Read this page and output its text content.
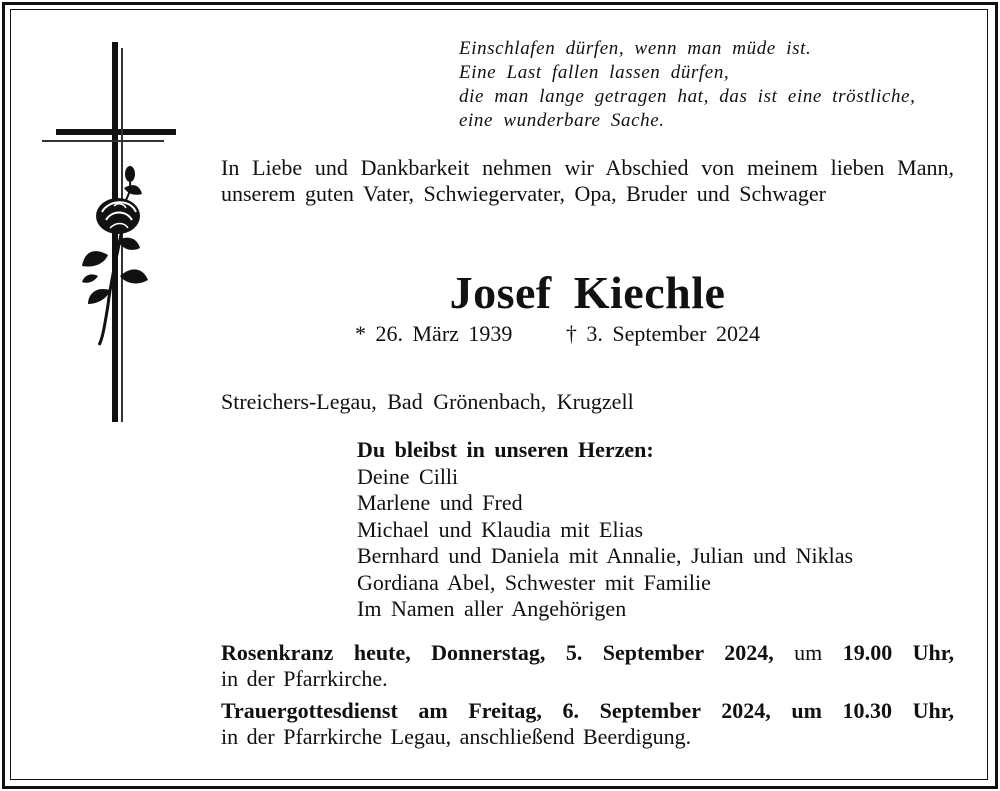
Einschlafen dürfen, wenn man müde ist.
Eine Last fallen lassen dürfen,
die man lange getragen hat, das ist eine tröstliche,
eine wunderbare Sache.
In Liebe und Dankbarkeit nehmen wir Abschied von meinem lieben Mann, unserem guten Vater, Schwiegervater, Opa, Bruder und Schwager
Josef Kiechle
* 26. März 1939 † 3. September 2024
Streichers-Legau, Bad Grönenbach, Krugzell
Du bleibst in unseren Herzen:
Deine Cilli
Marlene und Fred
Michael und Klaudia mit Elias
Bernhard und Daniela mit Annalie, Julian und Niklas
Gordiana Abel, Schwester mit Familie
Im Namen aller Angehörigen
Rosenkranz heute, Donnerstag, 5. September 2024, um 19.00 Uhr,
in der Pfarrkirche.
Trauergottesdienst am Freitag, 6. September 2024, um 10.30 Uhr,
in der Pfarrkirche Legau, anschließend Beerdigung.
